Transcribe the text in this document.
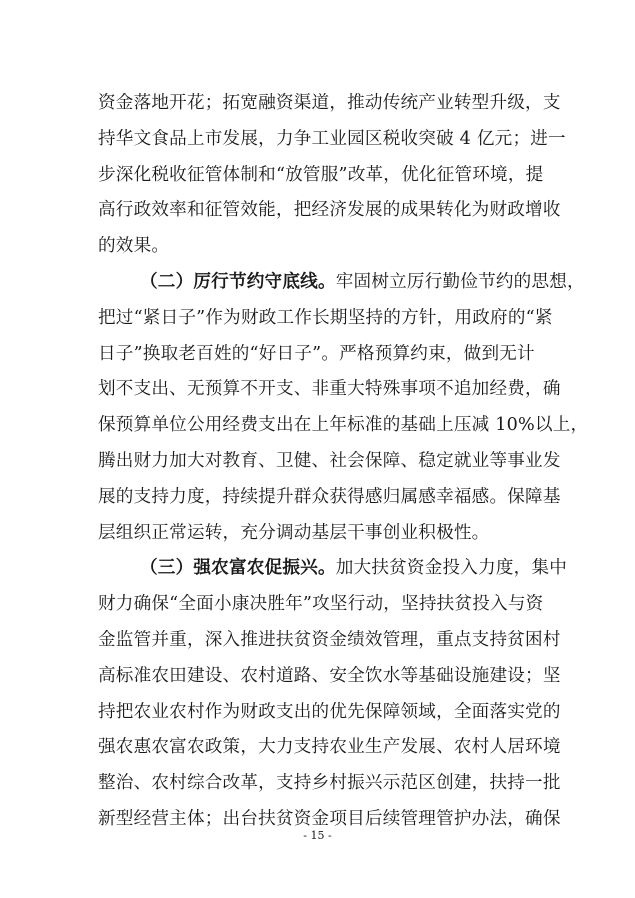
资金落地开花；拓宽融资渠道，推动传统产业转型升级，支
持华文食品上市发展，力争工业园区税收突破 4 亿元；进一
步深化税收征管体制和“放管服”改革，优化征管环境，提
高行政效率和征管效能，把经济发展的成果转化为财政增收
的效果。
（二）厉行节约守底线。牢固树立厉行勤俭节约的思想，
把过“紧日子”作为财政工作长期坚持的方针，用政府的“紧
日子”换取老百姓的“好日子”。严格预算约束，做到无计
划不支出、无预算不开支、非重大特殊事项不追加经费，确
保预算单位公用经费支出在上年标准的基础上压减 10%以上，
腾出财力加大对教育、卫健、社会保障、稳定就业等事业发
展的支持力度，持续提升群众获得感归属感幸福感。保障基
层组织正常运转，充分调动基层干事创业积极性。
（三）强农富农促振兴。加大扶贫资金投入力度，集中
财力确保“全面小康决胜年”攻坚行动，坚持扶贫投入与资
金监管并重，深入推进扶贫资金绩效管理，重点支持贫困村
高标准农田建设、农村道路、安全饮水等基础设施建设；坚
持把农业农村作为财政支出的优先保障领域，全面落实党的
强农惠农富农政策，大力支持农业生产发展、农村人居环境
整治、农村综合改革，支持乡村振兴示范区创建，扶持一批
新型经营主体；出台扶贫资金项目后续管理管护办法，确保
- 15 -
